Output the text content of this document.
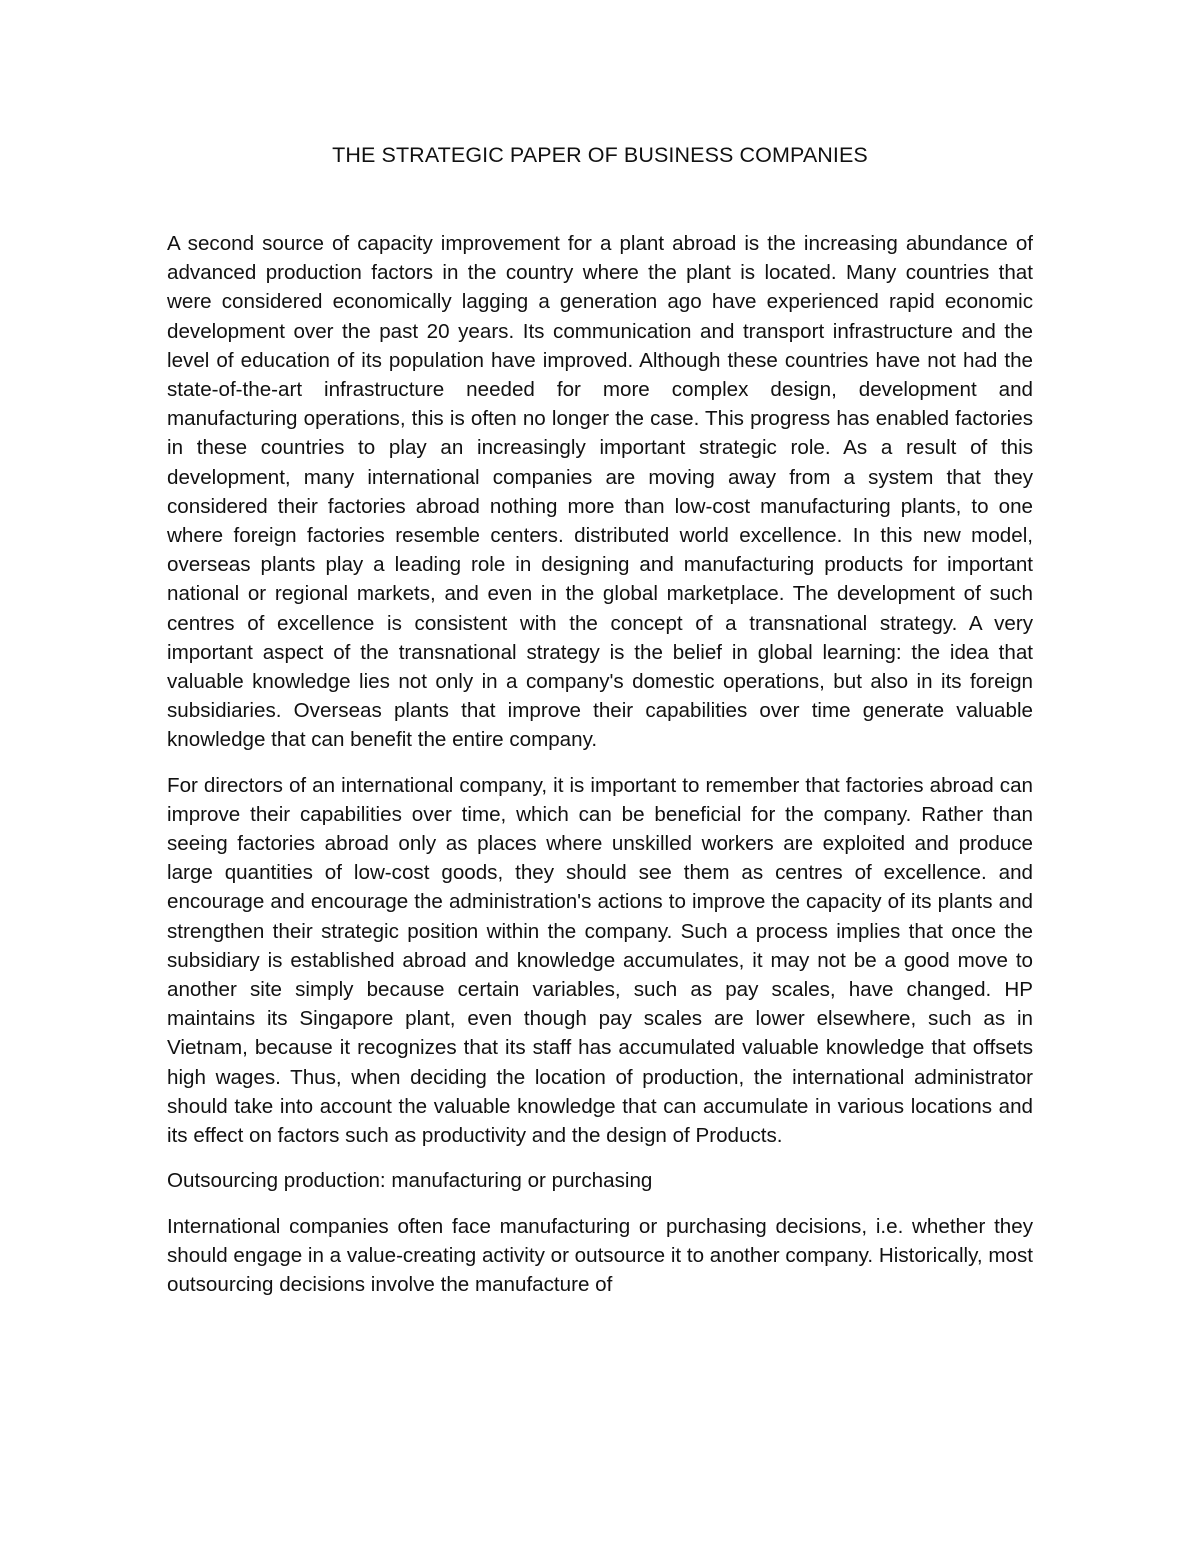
THE STRATEGIC PAPER OF BUSINESS COMPANIES

A second source of capacity improvement for a plant abroad is the increasing abundance of advanced production factors in the country where the plant is located. Many countries that were considered economically lagging a generation ago have experienced rapid economic development over the past 20 years. Its communication and transport infrastructure and the level of education of its population have improved. Although these countries have not had the state-of-the-art infrastructure needed for more complex design, development and manufacturing operations, this is often no longer the case. This progress has enabled factories in these countries to play an increasingly important strategic role. As a result of this development, many international companies are moving away from a system that they considered their factories abroad nothing more than low-cost manufacturing plants, to one where foreign factories resemble centers. distributed world excellence. In this new model, overseas plants play a leading role in designing and manufacturing products for important national or regional markets, and even in the global marketplace. The development of such centres of excellence is consistent with the concept of a transnational strategy. A very important aspect of the transnational strategy is the belief in global learning: the idea that valuable knowledge lies not only in a company's domestic operations, but also in its foreign subsidiaries. Overseas plants that improve their capabilities over time generate valuable knowledge that can benefit the entire company.

For directors of an international company, it is important to remember that factories abroad can improve their capabilities over time, which can be beneficial for the company. Rather than seeing factories abroad only as places where unskilled workers are exploited and produce large quantities of low-cost goods, they should see them as centres of excellence. and encourage and encourage the administration's actions to improve the capacity of its plants and strengthen their strategic position within the company. Such a process implies that once the subsidiary is established abroad and knowledge accumulates, it may not be a good move to another site simply because certain variables, such as pay scales, have changed. HP maintains its Singapore plant, even though pay scales are lower elsewhere, such as in Vietnam, because it recognizes that its staff has accumulated valuable knowledge that offsets high wages. Thus, when deciding the location of production, the international administrator should take into account the valuable knowledge that can accumulate in various locations and its effect on factors such as productivity and the design of Products.

Outsourcing production: manufacturing or purchasing

International companies often face manufacturing or purchasing decisions, i.e. whether they should engage in a value-creating activity or outsource it to another company. Historically, most outsourcing decisions involve the manufacture of
